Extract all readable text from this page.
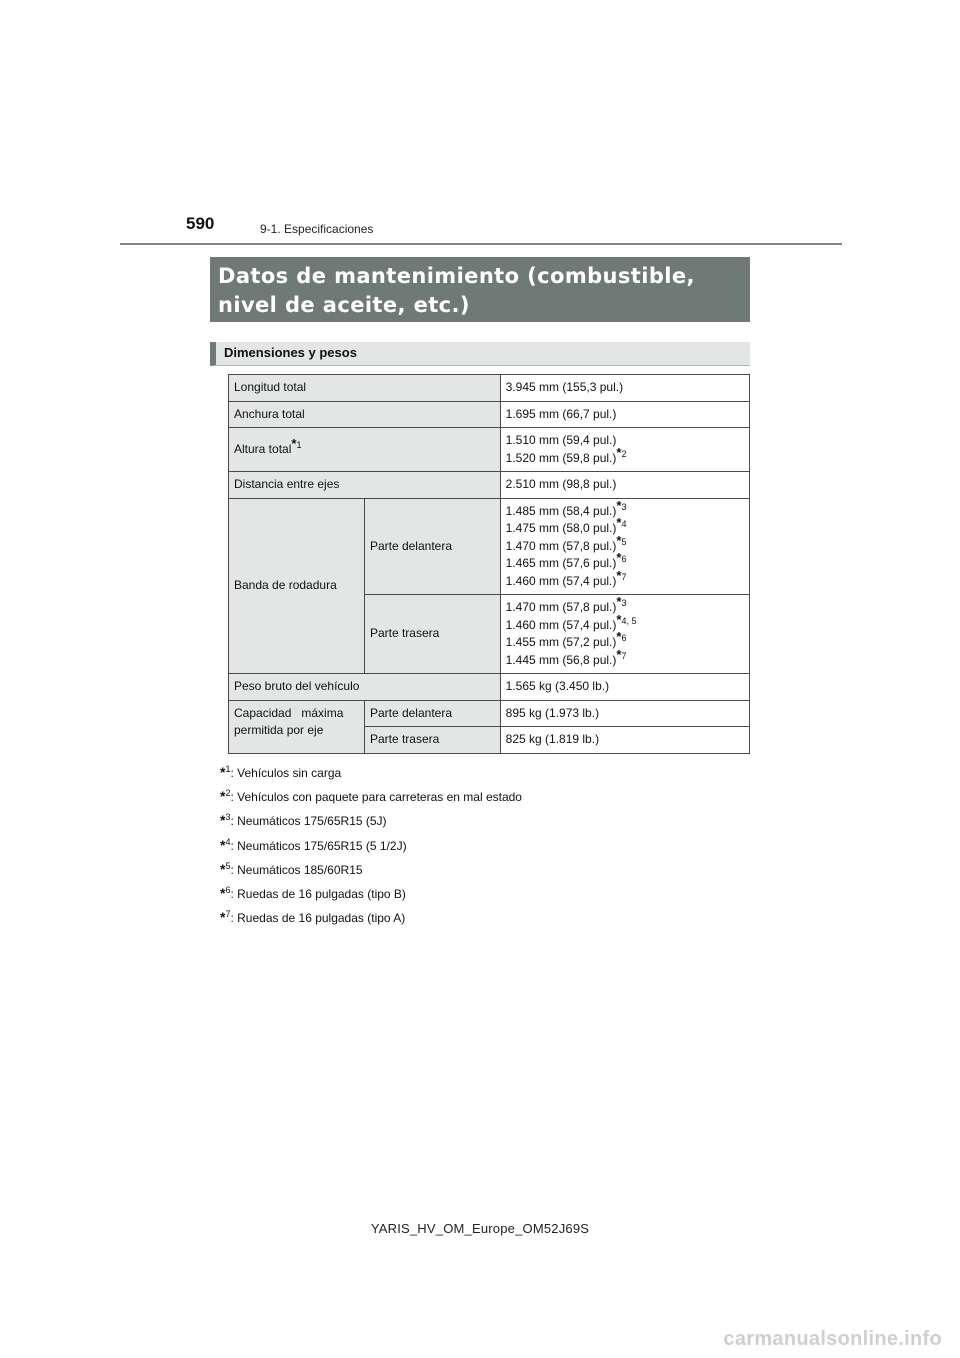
590	9-1. Especificaciones
Datos de mantenimiento (combustible,
nivel de aceite, etc.)
Dimensiones y pesos
Longitud total		3.945 mm (155,3 pul.)
Anchura total		1.695 mm (66,7 pul.)
Altura total$^{*1}$		1.510 mm (59,4 pul.)
1.520 mm (59,8 pul.)$^{*2}$

Distancia entre ejes		2.510 mm (98,8 pul.)
Banda de rodadura	Parte delantera	1.485 mm (58,4 pul.)$^{*3}$
1.475 mm (58,0 pul.)$^{*4}$
1.470 mm (57,8 pul.)$^{*5}$
1.465 mm (57,6 pul.)$^{*6}$
1.460 mm (57,4 pul.)$^{*7}$

	Parte trasera	1.470 mm (57,8 pul.)$^{*3}$
1.460 mm (57,4 pul.)$^{*4, 5}$
1.455 mm (57,2 pul.)$^{*6}$
1.445 mm (56,8 pul.)$^{*7}$

Peso bruto del vehículo		1.565 kg (3.450 lb.)

Capacidad   máxima
permitida por eje	Parte delantera	895 kg (1.973 lb.)
	Parte trasera	825 kg (1.819 lb.)
*$^1$: Vehículos sin carga
*$^2$: Vehículos con paquete para carreteras en mal estado
*$^3$: Neumáticos 175/65R15 (5J)
*$^4$: Neumáticos 175/65R15 (5 1/2J)
*$^5$: Neumáticos 185/60R15
*$^6$: Ruedas de 16 pulgadas (tipo B)
*$^7$: Ruedas de 16 pulgadas (tipo A)
YARIS_HV_OM_Europe_OM52J69S
carmanualsonline.info
